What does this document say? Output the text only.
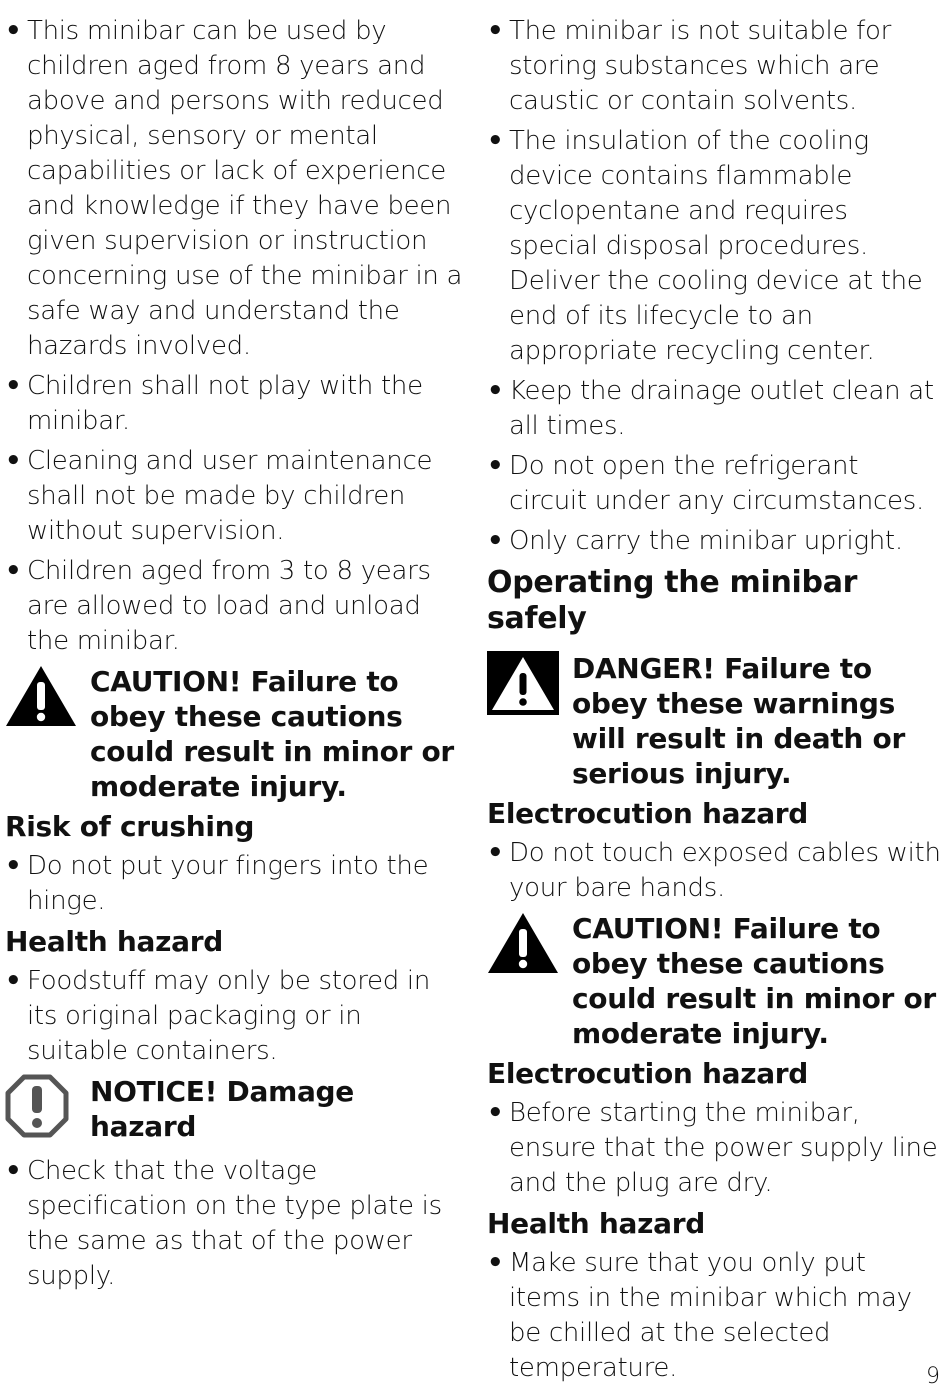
• This minibar can be used by children aged from 8 years and above and persons with reduced physical, sensory or mental capabilities or lack of experience and knowledge if they have been given supervision or instruction concerning use of the minibar in a safe way and understand the hazards involved.
• Children shall not play with the minibar.
• Cleaning and user maintenance shall not be made by children without supervision.
• Children aged from 3 to 8 years are allowed to load and unload the minibar.
CAUTION! Failure to obey these cautions could result in minor or moderate injury.
Risk of crushing
• Do not put your fingers into the hinge.
Health hazard
• Foodstuff may only be stored in its original packaging or in suitable containers.
NOTICE! Damage hazard
• Check that the voltage specification on the type plate is the same as that of the power supply.
• The minibar is not suitable for storing substances which are caustic or contain solvents.
• The insulation of the cooling device contains flammable cyclopentane and requires special disposal procedures. Deliver the cooling device at the end of its lifecycle to an appropriate recycling center.
• Keep the drainage outlet clean at all times.
• Do not open the refrigerant circuit under any circumstances.
• Only carry the minibar upright.
Operating the minibar safely
DANGER! Failure to obey these warnings will result in death or serious injury.
Electrocution hazard
• Do not touch exposed cables with your bare hands.
CAUTION! Failure to obey these cautions could result in minor or moderate injury.
Electrocution hazard
• Before starting the minibar, ensure that the power supply line and the plug are dry.
Health hazard
• Make sure that you only put items in the minibar which may be chilled at the selected temperature.	9
